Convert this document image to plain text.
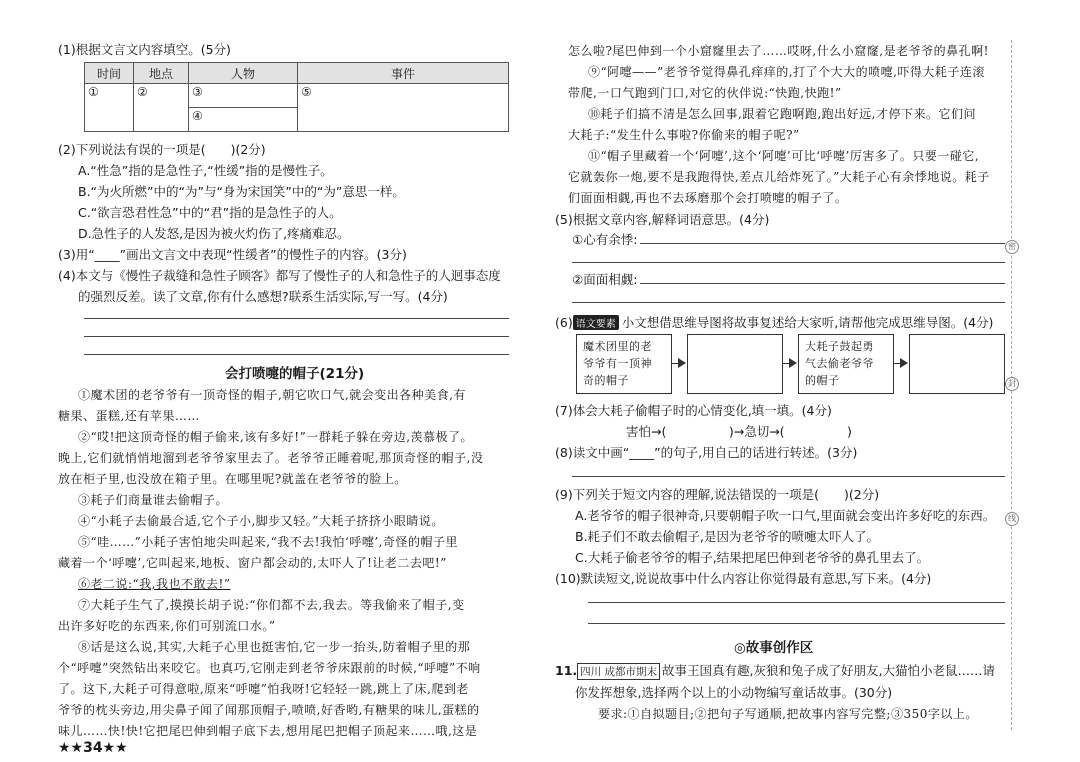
(1)根据文言文内容填空。(5分)
时间	地点	人物	事件
①	②	③	⑤
		④	
(2)下列说法有误的一项是(　　)(2分)
A.“性急”指的是急性子,“性缓”指的是慢性子。
B.“为火所燃”中的“为”与“身为宋国笑”中的“为”意思一样。
C.“欲言恐君性急”中的“君”指的是急性子的人。
D.急性子的人发怒,是因为被火灼伤了,疼痛难忍。
(3)用“____”画出文言文中表现“性缓者”的慢性子的内容。(3分)
(4)本文与《慢性子裁缝和急性子顾客》都写了慢性子的人和急性子的人迥事态度
的强烈反差。读了文章,你有什么感想?联系生活实际,写一写。(4分)
会打喷嚏的帽子(21分)
①魔术团的老爷爷有一顶奇怪的帽子,朝它吹口气,就会变出各种美食,有
糖果、蛋糕,还有苹果……
②“哎!把这顶奇怪的帽子偷来,该有多好!”一群耗子躲在旁边,羡慕极了。
晚上,它们就悄悄地溜到老爷爷家里去了。老爷爷正睡着呢,那顶奇怪的帽子,没
放在柜子里,也没放在箱子里。在哪里呢?就盖在老爷爷的脸上。
③耗子们商量谁去偷帽子。
④“小耗子去偷最合适,它个子小,脚步又轻。”大耗子挤挤小眼睛说。
⑤“哇……”小耗子害怕地尖叫起来,“我不去!我怕‘呼嚏’,奇怪的帽子里
藏着一个‘呼嚏’,它叫起来,地板、窗户都会动的,太吓人了!让老二去吧!”
⑥老二说:“我,我也不敢去!”
⑦大耗子生气了,摸摸长胡子说:“你们都不去,我去。等我偷来了帽子,变
出许多好吃的东西来,你们可别流口水。”
⑧话是这么说,其实,大耗子心里也挺害怕,它一步一抬头,防着帽子里的那
个“呼嚏”突然钻出来咬它。也真巧,它刚走到老爷爷床跟前的时候,“呼嚏”不响
了。这下,大耗子可得意啦,原来“呼嚏”怕我呀!它轻轻一跳,跳上了床,爬到老
爷爷的枕头旁边,用尖鼻子闻了闻那顶帽子,喷喷,好香哟,有糖果的味儿,蛋糕的
味儿……快!快!它把尾巴伸到帽子底下去,想用尾巴把帽子顶起来……哦,这是
★★34★★
怎么啦?尾巴伸到一个小窟窿里去了……哎呀,什么小窟窿,是老爷爷的鼻孔啊!
⑨“阿嚏——”老爷爷觉得鼻孔痒痒的,打了个大大的喷嚏,吓得大耗子连滚
带爬,一口气跑到门口,对它的伙伴说:“快跑,快跑!”
⑩耗子们搞不清是怎么回事,跟着它跑啊跑,跑出好远,才停下来。它们问
大耗子:“发生什么事啦?你偷来的帽子呢?”
⑪“帽子里藏着一个‘阿嚏’,这个‘阿嚏’可比‘呼嚏’厉害多了。只要一碰它,
它就轰你一炮,要不是我跑得快,差点儿给炸死了。”大耗子心有余悸地说。耗子
们面面相觑,再也不去琢磨那个会打喷嚏的帽子了。
(5)根据文章内容,解释词语意思。(4分)
①心有余悸:
②面面相觑:
(6) 语文要素 小文想借思维导图将故事复述给大家听,请帮他完成思维导图。(4分)
魔术团里的老
爷爷有一顶神
奇的帽子
大耗子鼓起勇
气去偷老爷爷
的帽子
(7)体会大耗子偷帽子时的心情变化,填一填。(4分)
害怕→(　　　　　)→急切→(　　　　　)
(8)读文中画“____”的句子,用自己的话进行转述。(3分)
(9)下列关于短文内容的理解,说法错误的一项是(　　)(2分)
A.老爷爷的帽子很神奇,只要朝帽子吹一口气,里面就会变出许多好吃的东西。
B.耗子们不敢去偷帽子,是因为老爷爷的喷嚏太吓人了。
C.大耗子偷老爷爷的帽子,结果把尾巴伸到老爷爷的鼻孔里去了。
(10)默读短文,说说故事中什么内容让你觉得最有意思,写下来。(4分)
◎故事创作区
11. 四川 成都市期末 故事王国真有趣,灰狼和兔子成了好朋友,大猫怕小老鼠……请
你发挥想象,选择两个以上的小动物编写童话故事。(30分)
要求:①自拟题目;②把句子写通顺,把故事内容写完整;③350字以上。
密
封
线
